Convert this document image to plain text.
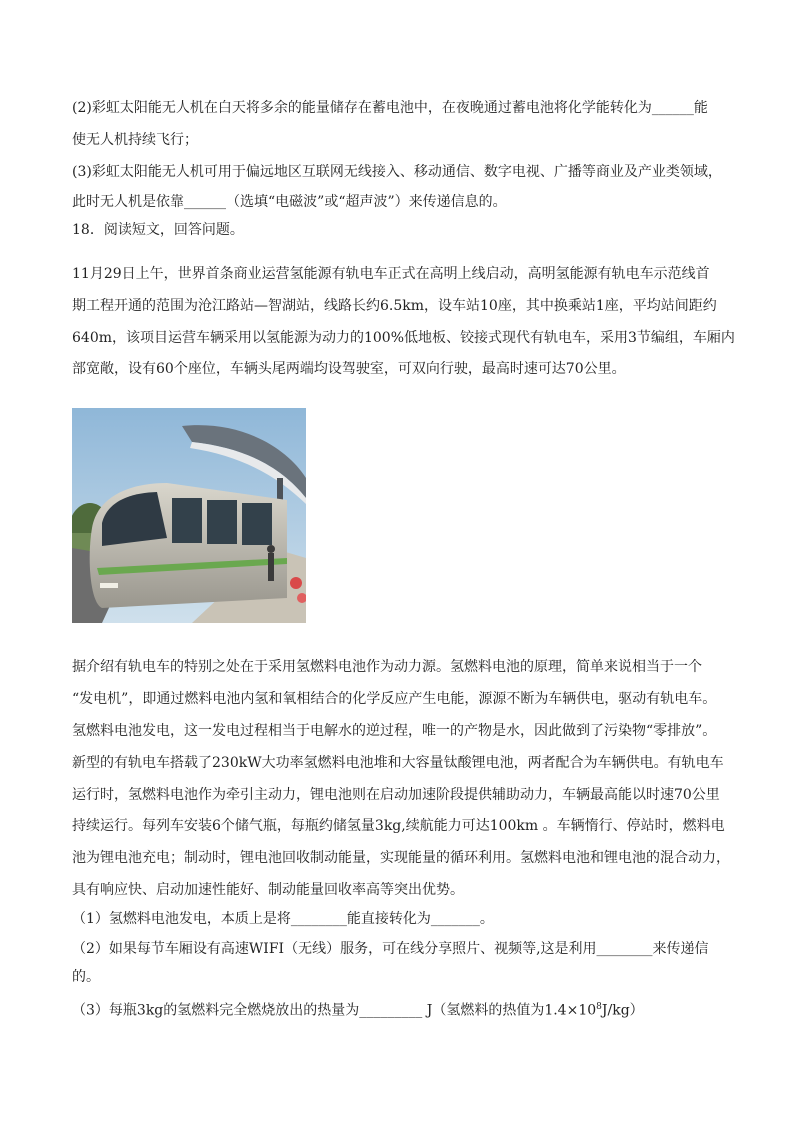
(2)彩虹太阳能无人机在白天将多余的能量储存在蓄电池中，在夜晚通过蓄电池将化学能转化为______能
使无人机持续飞行；
(3)彩虹太阳能无人机可用于偏远地区互联网无线接入、移动通信、数字电视、广播等商业及产业类领域，
此时无人机是依靠______（选填“电磁波”或“超声波”）来传递信息的。
18．阅读短文，回答问题。
11月29日上午，世界首条商业运营氢能源有轨电车正式在高明上线启动，高明氢能源有轨电车示范线首
期工程开通的范围为沧江路站—智湖站，线路长约6.5km，设车站10座，其中换乘站1座，平均站间距约
640m，该项目运营车辆采用以氢能源为动力的100%低地板、铰接式现代有轨电车，采用3节编组，车厢内
部宽敞，设有60个座位，车辆头尾两端均设驾驶室，可双向行驶，最高时速可达70公里。
据介绍有轨电车的特别之处在于采用氢燃料电池作为动力源。氢燃料电池的原理，简单来说相当于一个
“发电机”，即通过燃料电池内氢和氧相结合的化学反应产生电能，源源不断为车辆供电，驱动有轨电车。
氢燃料电池发电，这一发电过程相当于电解水的逆过程，唯一的产物是水，因此做到了污染物“零排放”。
新型的有轨电车搭载了230kW大功率氢燃料电池堆和大容量钛酸锂电池，两者配合为车辆供电。有轨电车
运行时，氢燃料电池作为牵引主动力，锂电池则在启动加速阶段提供辅助动力，车辆最高能以时速70公里
持续运行。每列车安装6个储气瓶，每瓶约储氢量3kg,续航能力可达100km 。车辆惰行、停站时，燃料电
池为锂电池充电；制动时，锂电池回收制动能量，实现能量的循环利用。氢燃料电池和锂电池的混合动力，
具有响应快、启动加速性能好、制动能量回收率高等突出优势。
（1）氢燃料电池发电，本质上是将________能直接转化为_______。
（2）如果每节车厢设有高速WIFI（无线）服务，可在线分享照片、视频等,这是利用________来传递信
的。
（3）每瓶3kg的氢燃料完全燃烧放出的热量为_________ J（氢燃料的热值为$1.4\times 10^8J/kg$）
